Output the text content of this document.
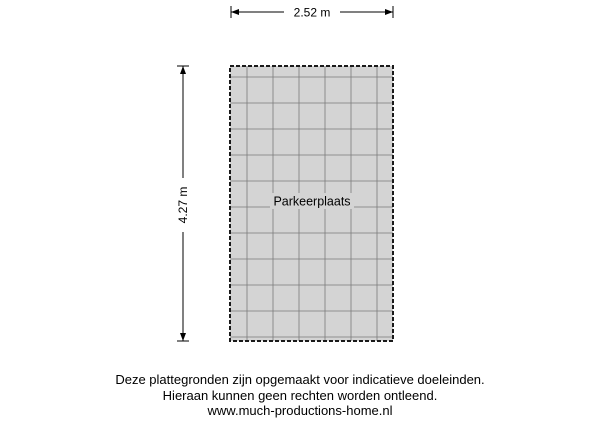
2.52 m
4.27 m	Parkeerplaats
Deze plattegronden zijn opgemaakt voor indicatieve doeleinden.
Hieraan kunnen geen rechten worden ontleend.
www.much-productions-home.nl
